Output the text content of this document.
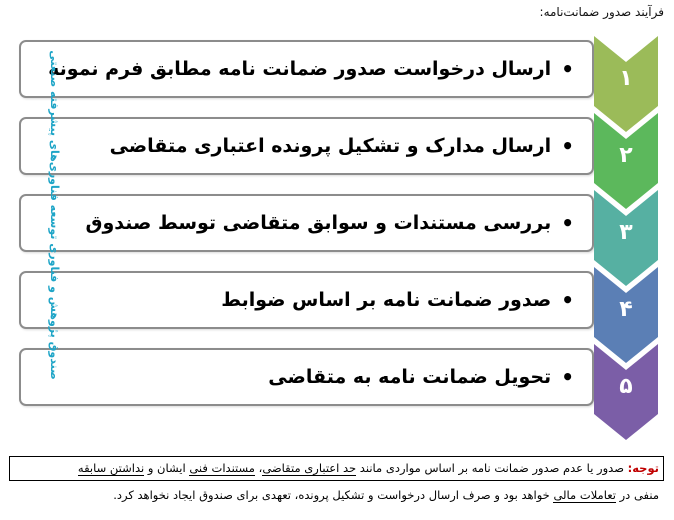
فرآیند صدور ضمانت‌نامه:
•
ارسال درخواست صدور ضمانت نامه مطابق فرم نمونه	۱
•
ارسال مدارک و تشکیل پرونده اعتباری متقاضی	۲
•
بررسی مستندات و سوابق متقاضی توسط صندوق	۳
•
صدور ضمانت نامه بر اساس ضوابط	۴
•
تحویل ضمانت نامه به متقاضی	۵
صندوق پژوهش و فناوری توسعه فناوری‌های پیشرفته صنعتی
توجه: صدور یا عدم صدور ضمانت نامه بر اساس مواردی مانند حد اعتباری متقاضی، مستندات فنی ایشان و نداشتن سابقه
منفی در تعاملات مالی خواهد بود و صرف ارسال درخواست و تشکیل پرونده، تعهدی برای صندوق ایجاد نخواهد کرد.
